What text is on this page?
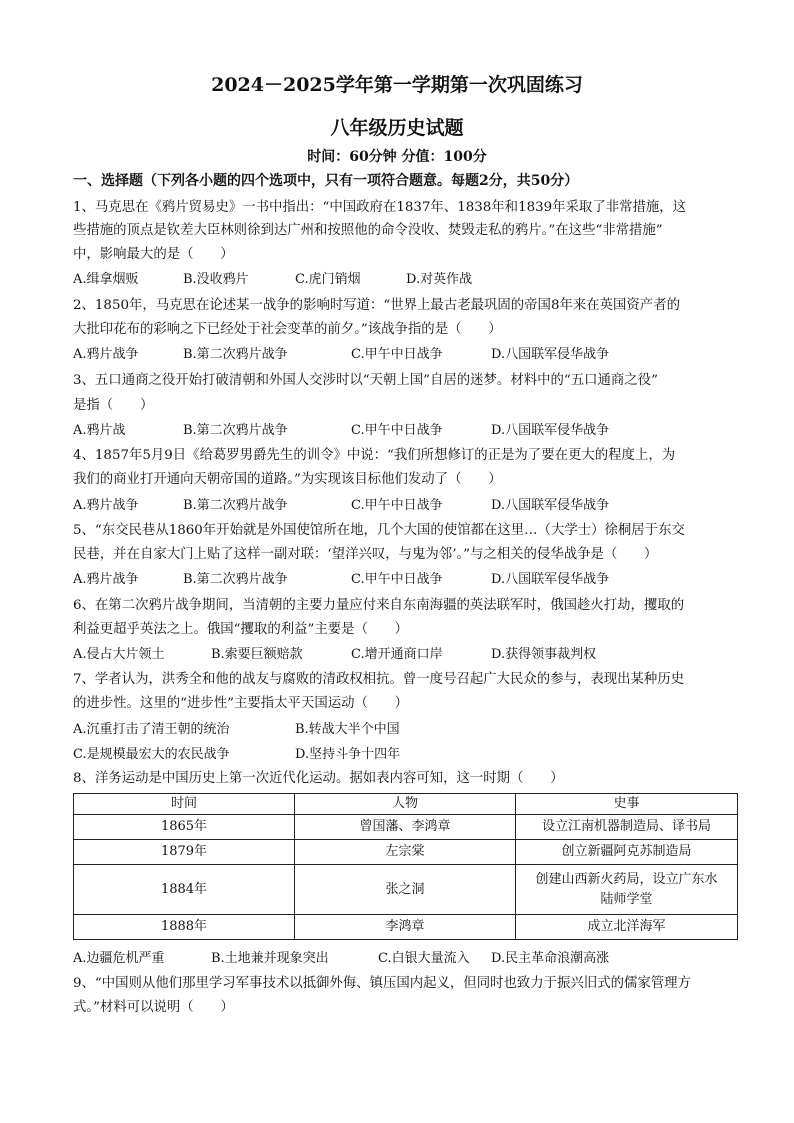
2024－2025学年第一学期第一次巩固练习
八年级历史试题
时间：60分钟 分值：100分
一、选择题（下列各小题的四个选项中，只有一项符合题意。每题2分，共50分）
1、马克思在《鸦片贸易史》一书中指出：“中国政府在1837年、1838年和1839年采取了非常措施，这
些措施的顶点是钦差大臣林则徐到达广州和按照他的命令没收、焚毁走私的鸦片。”在这些“非常措施”
中，影响最大的是（　　）
A.缉拿烟贩	B.没收鸦片	C.虎门销烟	D.对英作战
2、1850年，马克思在论述某一战争的影响时写道：“世界上最古老最巩固的帝国8年来在英国资产者的
大批印花布的彩响之下已经处于社会变革的前夕。”该战争指的是（　　）
A.鸦片战争	B.第二次鸦片战争	C.甲午中日战争	D.八国联军侵华战争
3、五口通商之役开始打破清朝和外国人交涉时以“天朝上国”自居的迷梦。材料中的“五口通商之役”
是指（　　）
A.鸦片战	B.第二次鸦片战争	C.甲午中日战争	D.八国联军侵华战争
4、1857年5月9日《给葛罗男爵先生的训令》中说：“我们所想修订的正是为了要在更大的程度上，为
我们的商业打开通向天朝帝国的道路。”为实现该目标他们发动了（　　）
A.鸦片战争	B.第二次鸦片战争	C.甲午中日战争	D.八国联军侵华战争
5、“东交民巷从1860年开始就是外国使馆所在地，几个大国的使馆都在这里…（大学士）徐桐居于东交
民巷，并在自家大门上贴了这样一副对联：‘望洋兴叹，与鬼为邻’。”与之相关的侵华战争是（　　）
A.鸦片战争	B.第二次鸦片战争	C.甲午中日战争	D.八国联军侵华战争
6、在第二次鸦片战争期间，当清朝的主要力量应付来自东南海疆的英法联军时，俄国趁火打劫，攫取的
利益更超乎英法之上。俄国“攫取的利益”主要是（　　）
A.侵占大片领土	B.索要巨额赔款	C.增开通商口岸	D.获得领事裁判权
7、学者认为，洪秀全和他的战友与腐败的清政权相抗。曾一度号召起广大民众的参与，表现出某种历史
的进步性。这里的“进步性”主要指太平天国运动（　　）
A.沉重打击了清王朝的统治	B.转战大半个中国
C.是规模最宏大的农民战争	D.坚持斗争十四年
8、洋务运动是中国历史上第一次近代化运动。据如表内容可知，这一时期（　　）
时间	人物	史事
1865年	曾国藩、李鸿章	设立江南机器制造局、译书局
1879年	左宗棠	创立新疆阿克苏制造局
1884年	张之洞	创建山西新火药局，设立广东水
陆师学堂

1888年	李鸿章	成立北洋海军
A.边疆危机严重	B.土地兼并现象突出	C.白银大量流入 D.民主革命浪潮高涨
9、“中国则从他们那里学习军事技术以抵御外侮、镇压国内起义，但同时也致力于振兴旧式的儒家管理方
式。”材料可以说明（　　）
